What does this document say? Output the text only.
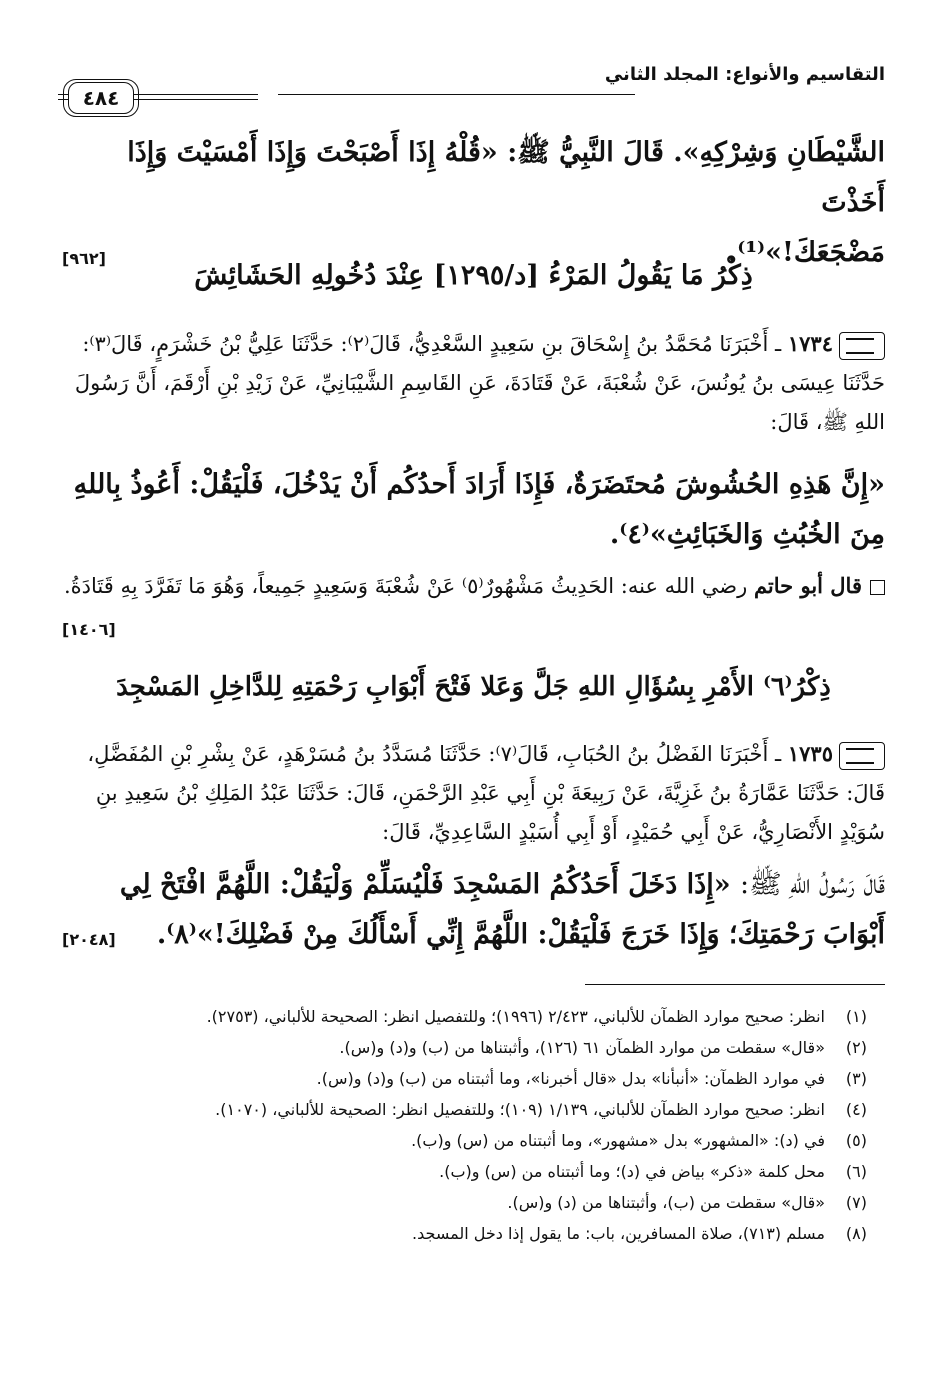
التقاسيم والأنواع: المجلد الثاني
٤٨٤
الشَّيْطَانِ وَشِرْكِهِ». قَالَ النَّبِيُّ ﷺ: «قُلْهُ إِذَا أَصْبَحْتَ وَإِذَا أَمْسَيْتَ وَإِذَا أَخَذْتَ
مَضْجَعَكَ!»⁽¹⁾.
[٩٦٢]
ذِكْرُ مَا يَقُولُ المَرْءُ [د/١٢٩٥] عِنْدَ دُخُولِهِ الحَشَائِشَ
١٧٣٤ ـ أَخْبَرَنَا مُحَمَّدُ بنُ إِسْحَاقَ بنِ سَعِيدٍ السَّعْدِيُّ، قَالَ⁽٢⁾: حَدَّثَنَا عَلِيُّ بْنُ خَشْرَمٍ، قَالَ⁽٣⁾: حَدَّثَنَا عِيسَى بنُ يُونُسَ، عَنْ شُعْبَةَ، عَنْ قَتَادَةَ، عَنِ القَاسِمِ الشَّيْبَانِيِّ، عَنْ زَيْدِ بْنِ أَرْقَمَ، أَنَّ رَسُولَ اللهِ ﷺ، قَالَ:
«إِنَّ هَذِهِ الحُشُوشَ مُحتَضَرَةٌ، فَإِذَا أَرَادَ أَحدُكُم أَنْ يَدْخُلَ، فَلْيَقُلْ: أَعُوذُ بِاللهِ مِنَ الخُبُثِ وَالخَبَائِثِ»⁽٤⁾.
قال أبو حاتم رضي الله عنه: الحَدِيثُ مَشْهُورٌ⁽٥⁾ عَنْ شُعْبَةَ وَسَعِيدٍ جَمِيعاً، وَهُوَ مَا تَفَرَّدَ بِهِ قَتَادَةُ.
[١٤٠٦]
ذِكْرُ⁽٦⁾ الأَمْرِ بِسُؤَالِ اللهِ جَلَّ وَعَلا فَتْحَ أَبْوَابِ رَحْمَتِهِ لِلدَّاخِلِ المَسْجِدَ
١٧٣٥ ـ أَخْبَرَنَا الفَضْلُ بنُ الحُبَابِ، قَالَ⁽٧⁾: حَدَّثَنَا مُسَدَّدُ بنُ مُسَرْهَدٍ، عَنْ بِشْرِ بْنِ المُفَضَّلِ، قَالَ: حَدَّثَنَا عَمَّارَةُ بنُ غَزِيَّةَ، عَنْ رَبِيعَةَ بْنِ أَبِي عَبْدِ الرَّحْمَنِ، قَالَ: حَدَّثَنَا عَبْدُ المَلِكِ بْنُ سَعِيدِ بنِ سُوَيْدٍ الأَنْصَارِيُّ، عَنْ أَبِي حُمَيْدٍ، أَوْ أَبِي أُسَيْدٍ السَّاعِدِيِّ، قَالَ:
قَالَ رَسُولُ اللهِ ﷺ: «إِذَا دَخَلَ أَحَدُكُمُ المَسْجِدَ فَلْيُسَلِّمْ وَلْيَقُلْ: اللَّهُمَّ افْتَحْ لِي أَبْوَابَ رَحْمَتِكَ؛ وَإِذَا خَرَجَ فَلْيَقُلْ: اللَّهُمَّ إِنِّي أَسْأَلُكَ مِنْ فَضْلِكَ!»⁽٨⁾.
[٢٠٤٨]
(١)
انظر: صحيح موارد الظمآن للألباني، ٢/٤٢٣ (١٩٩٦)؛ وللتفصيل انظر: الصحيحة للألباني، (٢٧٥٣).
(٢)
«قال» سقطت من موارد الظمآن ٦١ (١٢٦)، وأثبتناها من (ب) و(د) و(س).
(٣)
في موارد الظمآن: «أنبأنا» بدل «قال أخبرنا»، وما أثبتناه من (ب) و(د) و(س).
(٤)
انظر: صحيح موارد الظمآن للألباني، ١/١٣٩ (١٠٩)؛ وللتفصيل انظر: الصحيحة للألباني، (١٠٧٠).
(٥)
في (د): «المشهور» بدل «مشهور»، وما أثبتناه من (س) و(ب).
(٦)
محل كلمة «ذكر» بياض في (د)؛ وما أثبتناه من (س) و(ب).
(٧)
«قال» سقطت من (ب)، وأثبتناها من (د) و(س).
(٨)
مسلم (٧١٣)، صلاة المسافرين، باب: ما يقول إذا دخل المسجد.
